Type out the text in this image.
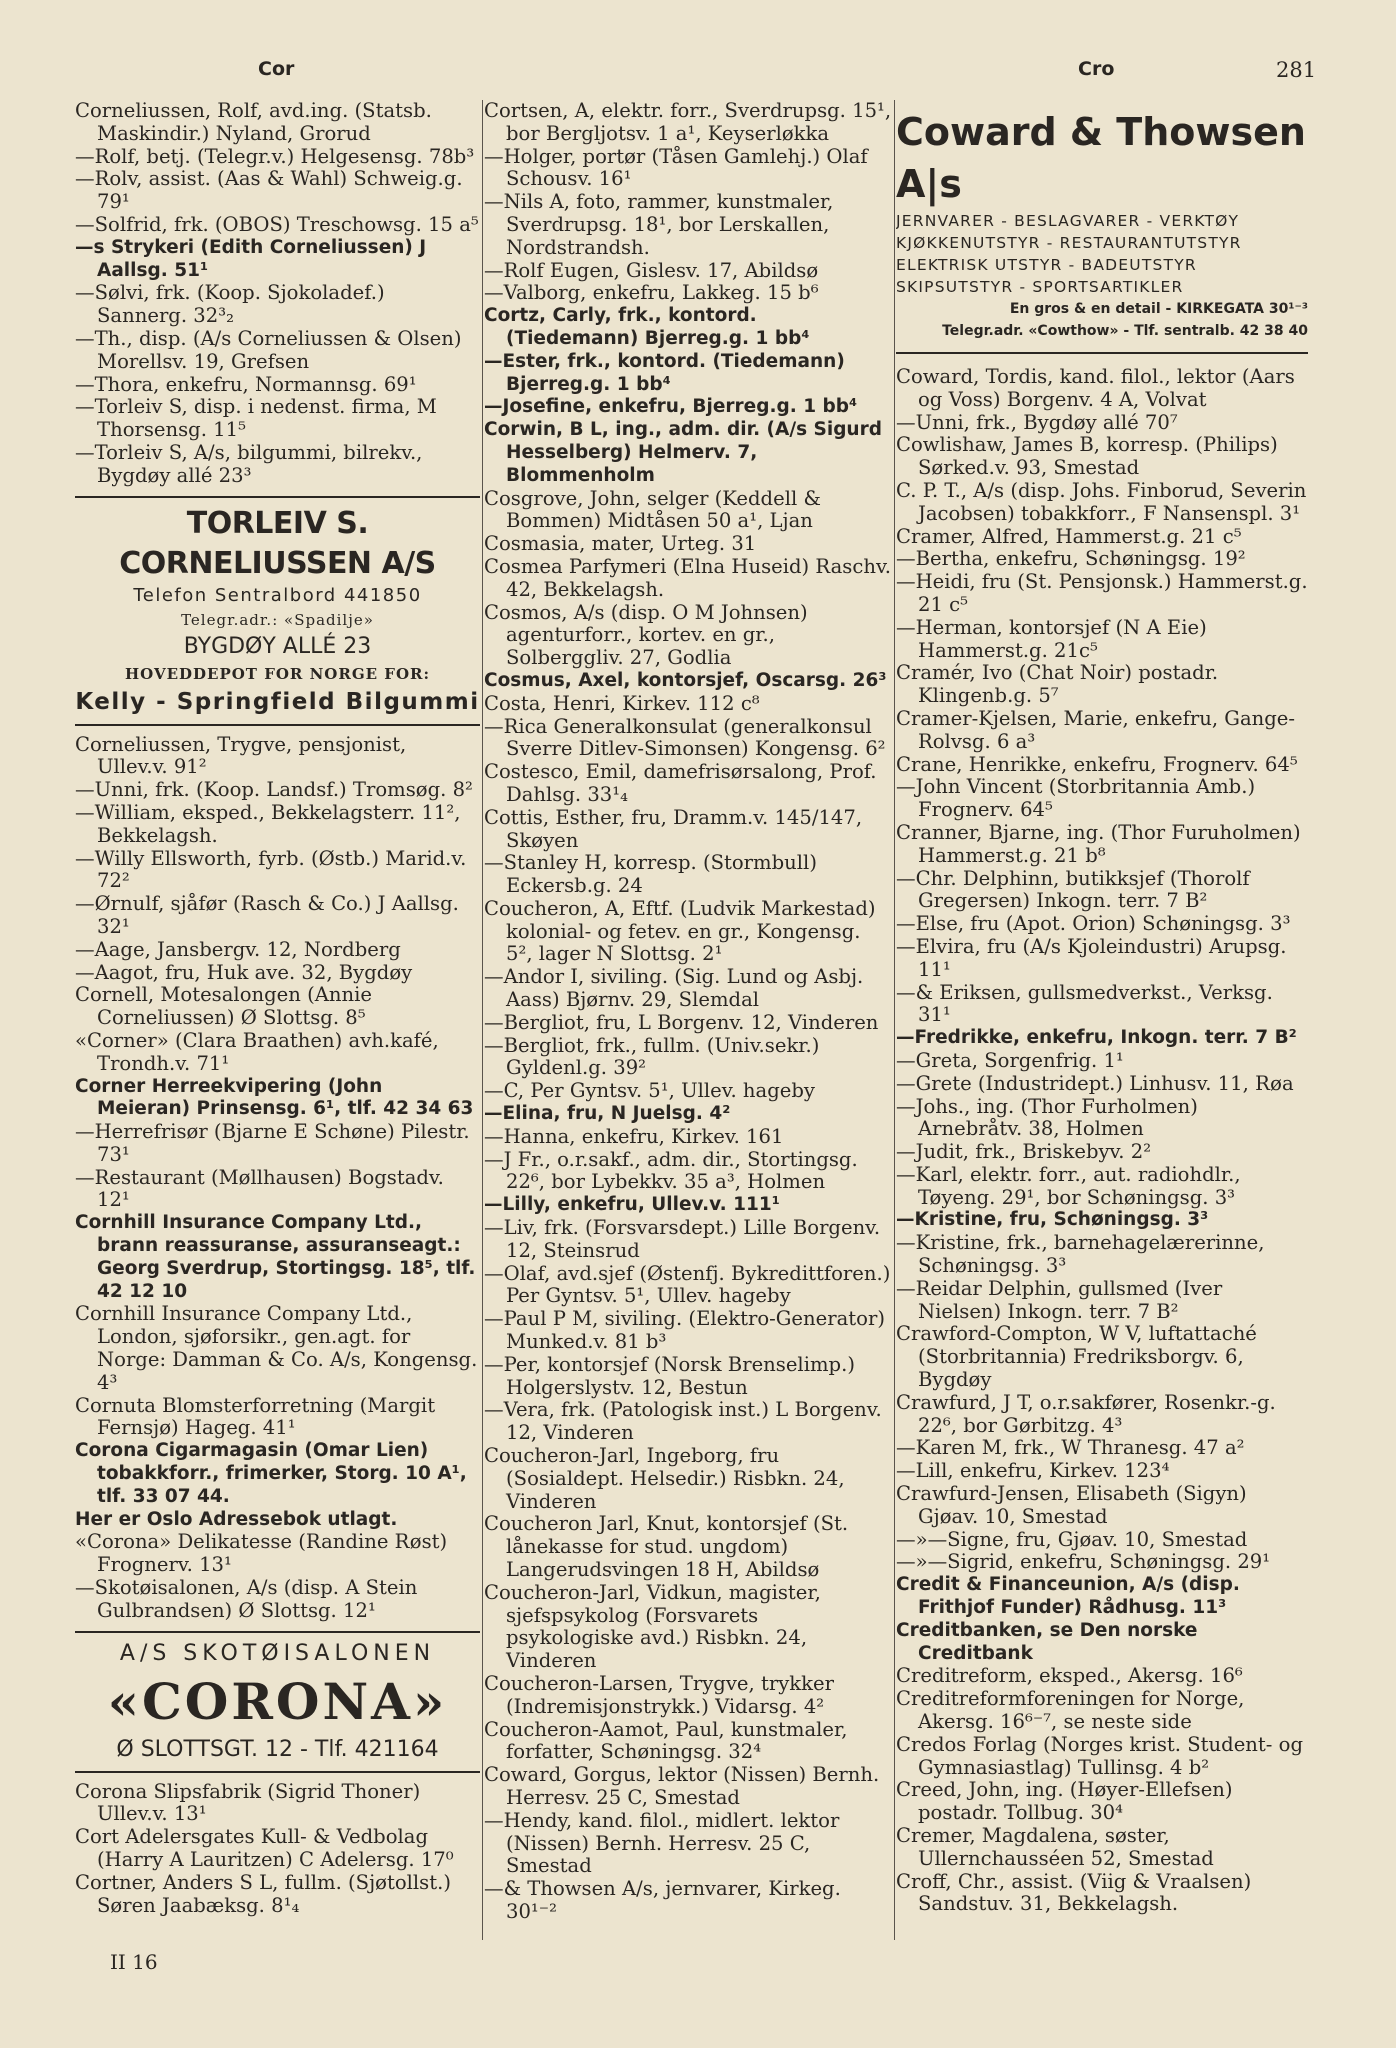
Cor	Cro	281

Corneliussen, Rolf, avd.ing. (Statsb. Maskindir.) Nyland, Grorud

—Rolf, betj. (Telegr.v.) Helgesensg. 78b³

—Rolv, assist. (Aas & Wahl) Schweig.g. 79¹

—Solfrid, frk. (OBOS) Treschowsg. 15 a⁵

—s Strykeri (Edith Corneliussen) J Aallsg. 51¹

—Sølvi, frk. (Koop. Sjokoladef.) Sannerg. 32³₂

—Th., disp. (A/s Corneliussen & Olsen) Morellsv. 19, Grefsen

—Thora, enkefru, Normannsg. 69¹

—Torleiv S, disp. i nedenst. firma, M Thorsensg. 11⁵

—Torleiv S, A/s, bilgummi, bilrekv., Bygdøy allé 23³

TORLEIV S. CORNELIUSSEN A/S
Telefon Sentralbord 441850
Telegr.adr.: «Spadilje»
BYGDØY ALLÉ 23
HOVEDDEPOT FOR NORGE FOR:
Kelly - Springfield Bilgummi

Corneliussen, Trygve, pensjonist, Ullev.v. 91²

—Unni, frk. (Koop. Landsf.) Tromsøg. 8²

—William, eksped., Bekkelagsterr. 11², Bekkelagsh.

—Willy Ellsworth, fyrb. (Østb.) Marid.v. 72²

—Ørnulf, sjåfør (Rasch & Co.) J Aallsg. 32¹

—Aage, Jansbergv. 12, Nordberg

—Aagot, fru, Huk ave. 32, Bygdøy

Cornell, Motesalongen (Annie Corneliussen) Ø Slottsg. 8⁵

«Corner» (Clara Braathen) avh.kafé, Trondh.v. 71¹

Corner Herreekvipering (John Meieran) Prinsensg. 6¹, tlf. 42 34 63

—Herrefrisør (Bjarne E Schøne) Pilestr. 73¹

—Restaurant (Møllhausen) Bogstadv. 12¹

Cornhill Insurance Company Ltd., brann reassuranse, assuranseagt.: Georg Sverdrup, Stortingsg. 18⁵, tlf. 42 12 10

Cornhill Insurance Company Ltd., London, sjøforsikr., gen.agt. for Norge: Damman & Co. A/s, Kongensg. 4³

Cornuta Blomsterforretning (Margit Fernsjø) Hageg. 41¹

Corona Cigarmagasin (Omar Lien) tobakkforr., frimerker, Storg. 10 A¹, tlf. 33 07 44.

Her er Oslo Adressebok utlagt.

«Corona» Delikatesse (Randine Røst) Frognerv. 13¹

—Skotøisalonen, A/s (disp. A Stein Gulbrandsen) Ø Slottsg. 12¹

A/S SKOTØISALONEN
«CORONA»
Ø SLOTTSGT. 12 - Tlf. 421164

Corona Slipsfabrik (Sigrid Thoner) Ullev.v. 13¹

Cort Adelersgates Kull- & Vedbolag (Harry A Lauritzen) C Adelersg. 17⁰

Cortner, Anders S L, fullm. (Sjøtollst.) Søren Jaabæksg. 8¹₄

Cortsen, A, elektr. forr., Sverdrupsg. 15¹, bor Bergljotsv. 1 a¹, Keyserløkka

—Holger, portør (Tåsen Gamlehj.) Olaf Schousv. 16¹

—Nils A, foto, rammer, kunstmaler, Sverdrupsg. 18¹, bor Lerskallen, Nordstrandsh.

—Rolf Eugen, Gislesv. 17, Abildsø

—Valborg, enkefru, Lakkeg. 15 b⁶

Cortz, Carly, frk., kontord. (Tiedemann) Bjerreg.g. 1 bb⁴

—Ester, frk., kontord. (Tiedemann) Bjerreg.g. 1 bb⁴

—Josefine, enkefru, Bjerreg.g. 1 bb⁴

Corwin, B L, ing., adm. dir. (A/s Sigurd Hesselberg) Helmerv. 7, Blommenholm

Cosgrove, John, selger (Keddell & Bommen) Midtåsen 50 a¹, Ljan

Cosmasia, mater, Urteg. 31

Cosmea Parfymeri (Elna Huseid) Raschv. 42, Bekkelagsh.

Cosmos, A/s (disp. O M Johnsen) agenturforr., kortev. en gr., Solberggliv. 27, Godlia

Cosmus, Axel, kontorsjef, Oscarsg. 26³

Costa, Henri, Kirkev. 112 c⁸

—Rica Generalkonsulat (generalkonsul Sverre Ditlev-Simonsen) Kongensg. 6²

Costesco, Emil, damefrisørsalong, Prof. Dahlsg. 33¹₄

Cottis, Esther, fru, Dramm.v. 145/147, Skøyen

—Stanley H, korresp. (Stormbull) Eckersb.g. 24

Coucheron, A, Eftf. (Ludvik Markestad) kolonial- og fetev. en gr., Kongensg. 5², lager N Slottsg. 2¹

—Andor I, siviling. (Sig. Lund og Asbj. Aass) Bjørnv. 29, Slemdal

—Bergliot, fru, L Borgenv. 12, Vinderen

—Bergliot, frk., fullm. (Univ.sekr.) Gyldenl.g. 39²

—C, Per Gyntsv. 5¹, Ullev. hageby

—Elina, fru, N Juelsg. 4²

—Hanna, enkefru, Kirkev. 161

—J Fr., o.r.sakf., adm. dir., Stortingsg. 22⁶, bor Lybekkv. 35 a³, Holmen

—Lilly, enkefru, Ullev.v. 111¹

—Liv, frk. (Forsvarsdept.) Lille Borgenv. 12, Steinsrud

—Olaf, avd.sjef (Østenfj. Bykredittforen.) Per Gyntsv. 5¹, Ullev. hageby

—Paul P M, siviling. (Elektro-Generator) Munked.v. 81 b³

—Per, kontorsjef (Norsk Brenselimp.) Holgerslystv. 12, Bestun

—Vera, frk. (Patologisk inst.) L Borgenv. 12, Vinderen

Coucheron-Jarl, Ingeborg, fru (Sosialdept. Helsedir.) Risbkn. 24, Vinderen

Coucheron Jarl, Knut, kontorsjef (St. lånekasse for stud. ungdom) Langerudsvingen 18 H, Abildsø

Coucheron-Jarl, Vidkun, magister, sjefspsykolog (Forsvarets psykologiske avd.) Risbkn. 24, Vinderen

Coucheron-Larsen, Trygve, trykker (Indremisjonstrykk.) Vidarsg. 4²

Coucheron-Aamot, Paul, kunstmaler, forfatter, Schøningsg. 32⁴

Coward, Gorgus, lektor (Nissen) Bernh. Herresv. 25 C, Smestad

—Hendy, kand. filol., midlert. lektor (Nissen) Bernh. Herresv. 25 C, Smestad

—& Thowsen A/s, jernvarer, Kirkeg. 30¹⁻²

Coward & Thowsen A|s
JERNVARER - BESLAGVARER - VERKTØY
KJØKKENUTSTYR - RESTAURANTUTSTYR
ELEKTRISK UTSTYR - BADEUTSTYR
SKIPSUTSTYR - SPORTSARTIKLER
En gros & en detail - KIRKEGATA 30¹⁻³
Telegr.adr. «Cowthow» - Tlf. sentralb. 42 38 40

Coward, Tordis, kand. filol., lektor (Aars og Voss) Borgenv. 4 A, Volvat

—Unni, frk., Bygdøy allé 70⁷

Cowlishaw, James B, korresp. (Philips) Sørked.v. 93, Smestad

C. P. T., A/s (disp. Johs. Finborud, Severin Jacobsen) tobakkforr., F Nansenspl. 3¹

Cramer, Alfred, Hammerst.g. 21 c⁵

—Bertha, enkefru, Schøningsg. 19²

—Heidi, fru (St. Pensjonsk.) Hammerst.g. 21 c⁵

—Herman, kontorsjef (N A Eie) Hammerst.g. 21c⁵

Cramér, Ivo (Chat Noir) postadr. Klingenb.g. 5⁷

Cramer-Kjelsen, Marie, enkefru, Gange-Rolvsg. 6 a³

Crane, Henrikke, enkefru, Frognerv. 64⁵

—John Vincent (Storbritannia Amb.) Frognerv. 64⁵

Cranner, Bjarne, ing. (Thor Furuholmen) Hammerst.g. 21 b⁸

—Chr. Delphinn, butikksjef (Thorolf Gregersen) Inkogn. terr. 7 B²

—Else, fru (Apot. Orion) Schøningsg. 3³

—Elvira, fru (A/s Kjoleindustri) Arupsg. 11¹

—& Eriksen, gullsmedverkst., Verksg. 31¹

—Fredrikke, enkefru, Inkogn. terr. 7 B²

—Greta, Sorgenfrig. 1¹

—Grete (Industridept.) Linhusv. 11, Røa

—Johs., ing. (Thor Furholmen) Arnebråtv. 38, Holmen

—Judit, frk., Briskebyv. 2²

—Karl, elektr. forr., aut. radiohdlr., Tøyeng. 29¹, bor Schøningsg. 3³

—Kristine, fru, Schøningsg. 3³

—Kristine, frk., barnehagelærerinne, Schøningsg. 3³

—Reidar Delphin, gullsmed (Iver Nielsen) Inkogn. terr. 7 B²

Crawford-Compton, W V, luftattaché (Storbritannia) Fredriksborgv. 6, Bygdøy

Crawfurd, J T, o.r.sakfører, Rosenkr.-g. 22⁶, bor Gørbitzg. 4³

—Karen M, frk., W Thranesg. 47 a²

—Lill, enkefru, Kirkev. 123⁴

Crawfurd-Jensen, Elisabeth (Sigyn) Gjøav. 10, Smestad

—»—Signe, fru, Gjøav. 10, Smestad

—»—Sigrid, enkefru, Schøningsg. 29¹

Credit & Financeunion, A/s (disp. Frithjof Funder) Rådhusg. 11³

Creditbanken, se Den norske Creditbank

Creditreform, eksped., Akersg. 16⁶

Creditreformforeningen for Norge, Akersg. 16⁶⁻⁷, se neste side

Credos Forlag (Norges krist. Student- og Gymnasiastlag) Tullinsg. 4 b²

Creed, John, ing. (Høyer-Ellefsen) postadr. Tollbug. 30⁴

Cremer, Magdalena, søster, Ullernchausséen 52, Smestad

Croff, Chr., assist. (Viig & Vraalsen) Sandstuv. 31, Bekkelagsh.

II 16
